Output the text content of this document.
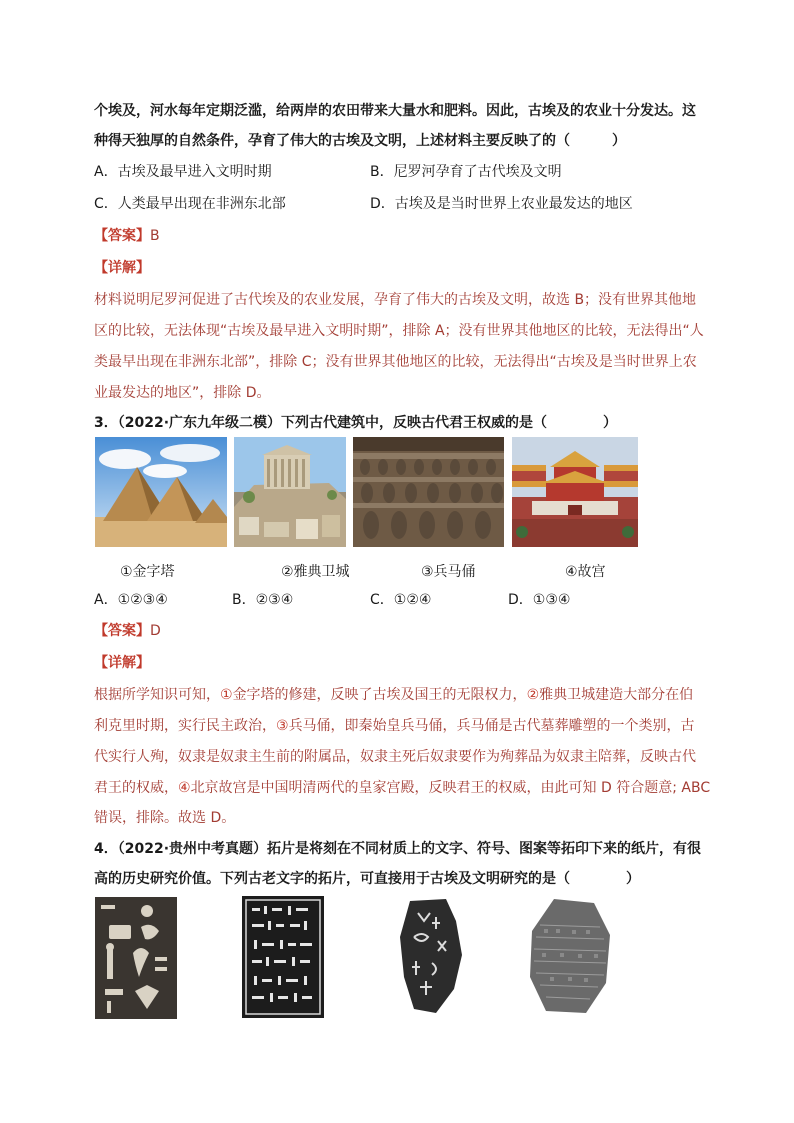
个埃及，河水每年定期泛滥，给两岸的农田带来大量水和肥料。因此，古埃及的农业十分发达。这
种得天独厚的自然条件，孕育了伟大的古埃及文明，上述材料主要反映了的（　　　）
A．古埃及最早进入文明时期	B．尼罗河孕育了古代埃及文明
C．人类最早出现在非洲东北部	D．古埃及是当时世界上农业最发达的地区
【答案】B
【详解】
材料说明尼罗河促进了古代埃及的农业发展，孕育了伟大的古埃及文明，故选 B；没有世界其他地
区的比较，无法体现“古埃及最早进入文明时期”，排除 A；没有世界其他地区的比较，无法得出“人
类最早出现在非洲东北部”，排除 C；没有世界其他地区的比较，无法得出“古埃及是当时世界上农
业最发达的地区”，排除 D。
3．（2022·广东九年级二模）下列古代建筑中，反映古代君王权威的是（　　　　）
①金字塔	②雅典卫城	③兵马俑	④故宫
A．①②③④	B．②③④	C．①②④	D．①③④
【答案】D
【详解】
根据所学知识可知，①金字塔的修建，反映了古埃及国王的无限权力，②雅典卫城建造大部分在伯
利克里时期，实行民主政治，③兵马俑，即秦始皇兵马俑，兵马俑是古代墓葬雕塑的一个类别，古
代实行人殉，奴隶是奴隶主生前的附属品，奴隶主死后奴隶要作为殉葬品为奴隶主陪葬，反映古代
君王的权威，④北京故宫是中国明清两代的皇家宫殿，反映君王的权威，由此可知 D 符合题意; ABC
错误，排除。故选 D。
4．（2022·贵州中考真题）拓片是将刻在不同材质上的文字、符号、图案等拓印下来的纸片，有很
高的历史研究价值。下列古老文字的拓片，可直接用于古埃及文明研究的是（　　　　）
